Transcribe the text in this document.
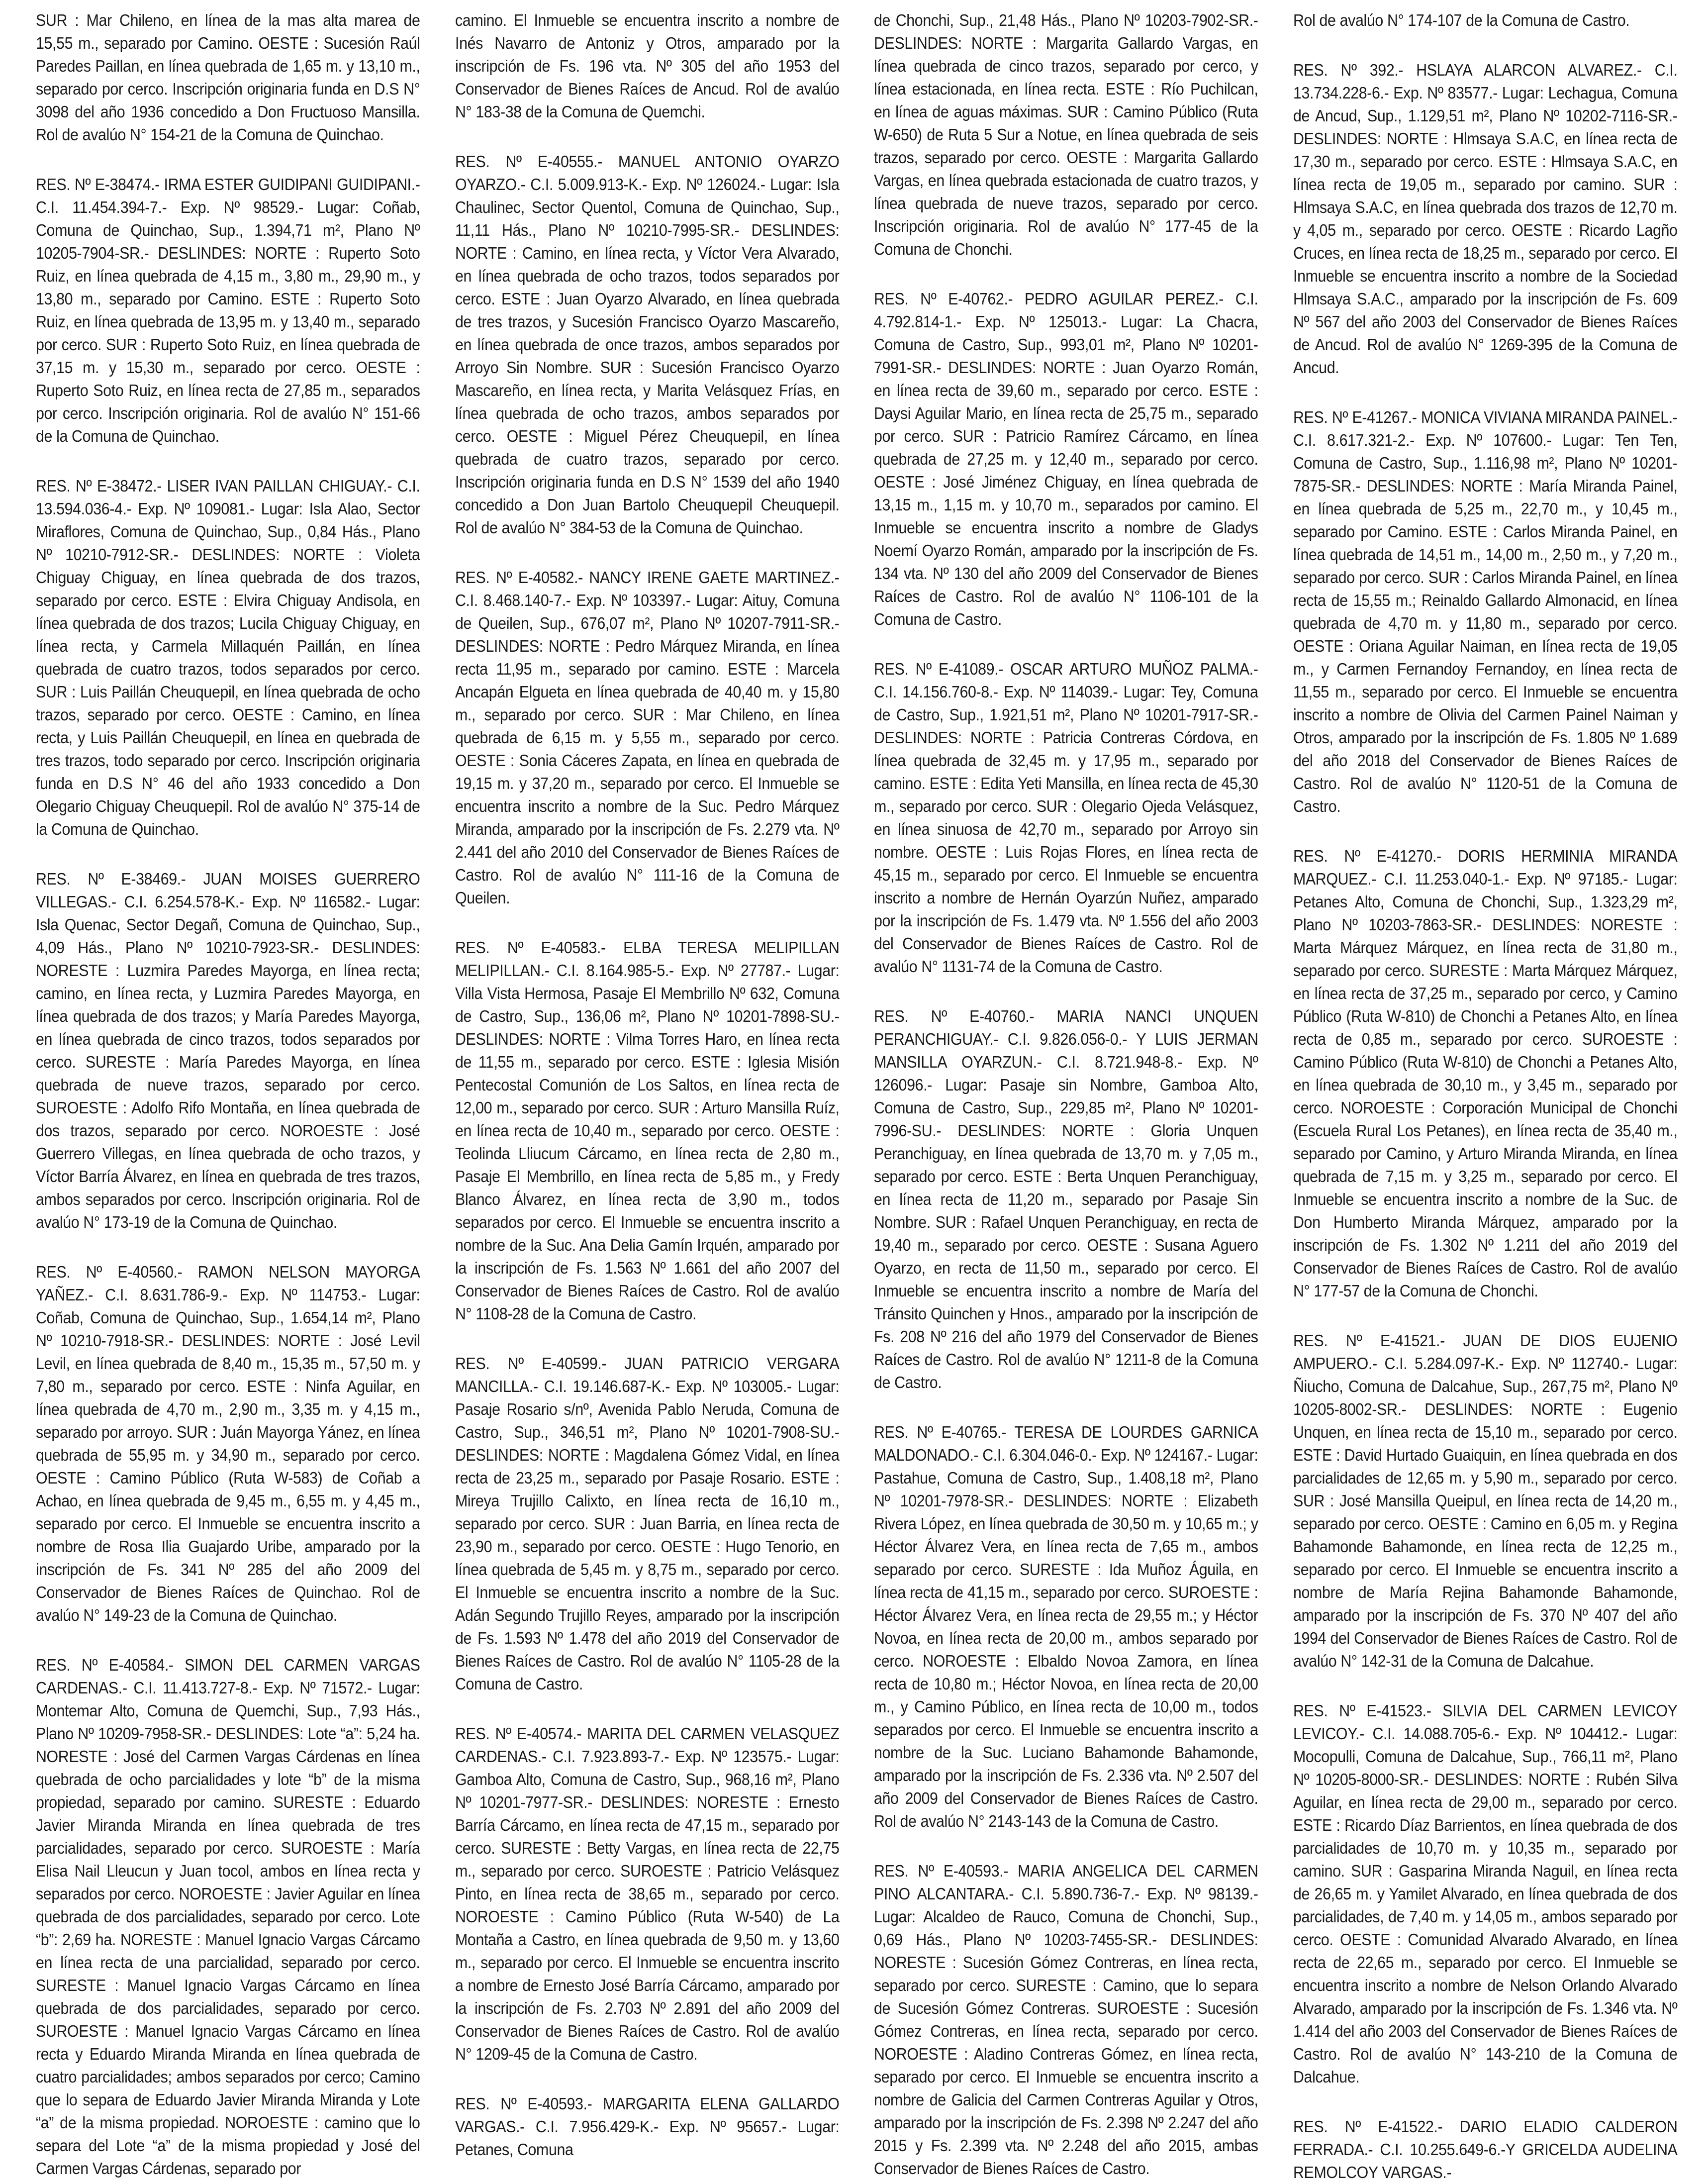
SUR : Mar Chileno, en línea de la mas alta marea de 15,55 m., separado por Camino. OESTE : Sucesión Raúl Paredes Paillan, en línea quebrada de 1,65 m. y 13,10 m., separado por cerco. Inscripción originaria funda en D.S N° 3098 del año 1936 concedido a Don Fructuoso Mansilla. Rol de avalúo N° 154-21 de la Comuna de Quinchao.

RES. Nº E-38474.- IRMA ESTER GUIDIPANI GUIDIPANI.- C.I. 11.454.394-7.- Exp. Nº 98529.- Lugar: Coñab, Comuna de Quinchao, Sup., 1.394,71 m², Plano Nº 10205-7904-SR.- DESLINDES: NORTE : Ruperto Soto Ruiz, en línea quebrada de 4,15 m., 3,80 m., 29,90 m., y 13,80 m., separado por Camino. ESTE : Ruperto Soto Ruiz, en línea quebrada de 13,95 m. y 13,40 m., separado por cerco. SUR : Ruperto Soto Ruiz, en línea quebrada de 37,15 m. y 15,30 m., separado por cerco. OESTE : Ruperto Soto Ruiz, en línea recta de 27,85 m., separados por cerco. Inscripción originaria. Rol de avalúo N° 151-66 de la Comuna de Quinchao.

RES. Nº E-38472.- LISER IVAN PAILLAN CHIGUAY.- C.I. 13.594.036-4.- Exp. Nº 109081.- Lugar: Isla Alao, Sector Miraflores, Comuna de Quinchao, Sup., 0,84 Hás., Plano Nº 10210-7912-SR.- DESLINDES: NORTE : Violeta Chiguay Chiguay, en línea quebrada de dos trazos, separado por cerco. ESTE : Elvira Chiguay Andisola, en línea quebrada de dos trazos; Lucila Chiguay Chiguay, en línea recta, y Carmela Millaquén Paillán, en línea quebrada de cuatro trazos, todos separados por cerco. SUR : Luis Paillán Cheuquepil, en línea quebrada de ocho trazos, separado por cerco. OESTE : Camino, en línea recta, y Luis Paillán Cheuquepil, en línea en quebrada de tres trazos, todo separado por cerco. Inscripción originaria funda en D.S N° 46 del año 1933 concedido a Don Olegario Chiguay Cheuquepil. Rol de avalúo N° 375-14 de la Comuna de Quinchao.

RES. Nº E-38469.- JUAN MOISES GUERRERO VILLEGAS.- C.I. 6.254.578-K.- Exp. Nº 116582.- Lugar: Isla Quenac, Sector Degañ, Comuna de Quinchao, Sup., 4,09 Hás., Plano Nº 10210-7923-SR.- DESLINDES: NORESTE : Luzmira Paredes Mayorga, en línea recta; camino, en línea recta, y Luzmira Paredes Mayorga, en línea quebrada de dos trazos; y María Paredes Mayorga, en línea quebrada de cinco trazos, todos separados por cerco. SURESTE : María Paredes Mayorga, en línea quebrada de nueve trazos, separado por cerco. SUROESTE : Adolfo Rifo Montaña, en línea quebrada de dos trazos, separado por cerco. NOROESTE : José Guerrero Villegas, en línea quebrada de ocho trazos, y Víctor Barría Álvarez, en línea en quebrada de tres trazos, ambos separados por cerco. Inscripción originaria. Rol de avalúo N° 173-19 de la Comuna de Quinchao.

RES. Nº E-40560.- RAMON NELSON MAYORGA YAÑEZ.- C.I. 8.631.786-9.- Exp. Nº 114753.- Lugar: Coñab, Comuna de Quinchao, Sup., 1.654,14 m², Plano Nº 10210-7918-SR.- DESLINDES: NORTE : José Levil Levil, en línea quebrada de 8,40 m., 15,35 m., 57,50 m. y 7,80 m., separado por cerco. ESTE : Ninfa Aguilar, en línea quebrada de 4,70 m., 2,90 m., 3,35 m. y 4,15 m., separado por arroyo. SUR : Juán Mayorga Yánez, en línea quebrada de 55,95 m. y 34,90 m., separado por cerco. OESTE : Camino Público (Ruta W-583) de Coñab a Achao, en línea quebrada de 9,45 m., 6,55 m. y 4,45 m., separado por cerco. El Inmueble se encuentra inscrito a nombre de Rosa Ilia Guajardo Uribe, amparado por la inscripción de Fs. 341 Nº 285 del año 2009 del Conservador de Bienes Raíces de Quinchao. Rol de avalúo N° 149-23 de la Comuna de Quinchao.

RES. Nº E-40584.- SIMON DEL CARMEN VARGAS CARDENAS.- C.I. 11.413.727-8.- Exp. Nº 71572.- Lugar: Montemar Alto, Comuna de Quemchi, Sup., 7,93 Hás., Plano Nº 10209-7958-SR.- DESLINDES: Lote “a”: 5,24 ha. NORESTE : José del Carmen Vargas Cárdenas en línea quebrada de ocho parcialidades y lote “b” de la misma propiedad, separado por camino. SURESTE : Eduardo Javier Miranda Miranda en línea quebrada de tres parcialidades, separado por cerco. SUROESTE : María Elisa Nail Lleucun y Juan tocol, ambos en línea recta y separados por cerco. NOROESTE : Javier Aguilar en línea quebrada de dos parcialidades, separado por cerco. Lote “b”: 2,69 ha. NORESTE : Manuel Ignacio Vargas Cárcamo en línea recta de una parcialidad, separado por cerco. SURESTE : Manuel Ignacio Vargas Cárcamo en línea quebrada de dos parcialidades, separado por cerco. SUROESTE : Manuel Ignacio Vargas Cárcamo en línea recta y Eduardo Miranda Miranda en línea quebrada de cuatro parcialidades; ambos separados por cerco; Camino que lo separa de Eduardo Javier Miranda Miranda y Lote “a” de la misma propiedad. NOROESTE : camino que lo separa del Lote “a” de la misma propiedad y José del Carmen Vargas Cárdenas, separado por

camino. El Inmueble se encuentra inscrito a nombre de Inés Navarro de Antoniz y Otros, amparado por la inscripción de Fs. 196 vta. Nº 305 del año 1953 del Conservador de Bienes Raíces de Ancud. Rol de avalúo N° 183-38 de la Comuna de Quemchi.

RES. Nº E-40555.- MANUEL ANTONIO OYARZO OYARZO.- C.I. 5.009.913-K.- Exp. Nº 126024.- Lugar: Isla Chaulinec, Sector Quentol, Comuna de Quinchao, Sup., 11,11 Hás., Plano Nº 10210-7995-SR.- DESLINDES: NORTE : Camino, en línea recta, y Víctor Vera Alvarado, en línea quebrada de ocho trazos, todos separados por cerco. ESTE : Juan Oyarzo Alvarado, en línea quebrada de tres trazos, y Sucesión Francisco Oyarzo Mascareño, en línea quebrada de once trazos, ambos separados por Arroyo Sin Nombre. SUR : Sucesión Francisco Oyarzo Mascareño, en línea recta, y Marita Velásquez Frías, en línea quebrada de ocho trazos, ambos separados por cerco. OESTE : Miguel Pérez Cheuquepil, en línea quebrada de cuatro trazos, separado por cerco. Inscripción originaria funda en D.S N° 1539 del año 1940 concedido a Don Juan Bartolo Cheuquepil Cheuquepil. Rol de avalúo N° 384-53 de la Comuna de Quinchao.

RES. Nº E-40582.- NANCY IRENE GAETE MARTINEZ.- C.I. 8.468.140-7.- Exp. Nº 103397.- Lugar: Aituy, Comuna de Queilen, Sup., 676,07 m², Plano Nº 10207-7911-SR.- DESLINDES: NORTE : Pedro Márquez Miranda, en línea recta 11,95 m., separado por camino. ESTE : Marcela Ancapán Elgueta en línea quebrada de 40,40 m. y 15,80 m., separado por cerco. SUR : Mar Chileno, en línea quebrada de 6,15 m. y 5,55 m., separado por cerco. OESTE : Sonia Cáceres Zapata, en línea en quebrada de 19,15 m. y 37,20 m., separado por cerco. El Inmueble se encuentra inscrito a nombre de la Suc. Pedro Márquez Miranda, amparado por la inscripción de Fs. 2.279 vta. Nº 2.441 del año 2010 del Conservador de Bienes Raíces de Castro. Rol de avalúo N° 111-16 de la Comuna de Queilen.

RES. Nº E-40583.- ELBA TERESA MELIPILLAN MELIPILLAN.- C.I. 8.164.985-5.- Exp. Nº 27787.- Lugar: Villa Vista Hermosa, Pasaje El Membrillo Nº 632, Comuna de Castro, Sup., 136,06 m², Plano Nº 10201-7898-SU.- DESLINDES: NORTE : Vilma Torres Haro, en línea recta de 11,55 m., separado por cerco. ESTE : Iglesia Misión Pentecostal Comunión de Los Saltos, en línea recta de 12,00 m., separado por cerco. SUR : Arturo Mansilla Ruíz, en línea recta de 10,40 m., separado por cerco. OESTE : Teolinda Lliucum Cárcamo, en línea recta de 2,80 m., Pasaje El Membrillo, en línea recta de 5,85 m., y Fredy Blanco Álvarez, en línea recta de 3,90 m., todos separados por cerco. El Inmueble se encuentra inscrito a nombre de la Suc. Ana Delia Gamín Irquén, amparado por la inscripción de Fs. 1.563 Nº 1.661 del año 2007 del Conservador de Bienes Raíces de Castro. Rol de avalúo N° 1108-28 de la Comuna de Castro.

RES. Nº E-40599.- JUAN PATRICIO VERGARA MANCILLA.- C.I. 19.146.687-K.- Exp. Nº 103005.- Lugar: Pasaje Rosario s/nº, Avenida Pablo Neruda, Comuna de Castro, Sup., 346,51 m², Plano Nº 10201-7908-SU.- DESLINDES: NORTE : Magdalena Gómez Vidal, en línea recta de 23,25 m., separado por Pasaje Rosario. ESTE : Mireya Trujillo Calixto, en línea recta de 16,10 m., separado por cerco. SUR : Juan Barria, en línea recta de 23,90 m., separado por cerco. OESTE : Hugo Tenorio, en línea quebrada de 5,45 m. y 8,75 m., separado por cerco. El Inmueble se encuentra inscrito a nombre de la Suc. Adán Segundo Trujillo Reyes, amparado por la inscripción de Fs. 1.593 Nº 1.478 del año 2019 del Conservador de Bienes Raíces de Castro. Rol de avalúo N° 1105-28 de la Comuna de Castro.

RES. Nº E-40574.- MARITA DEL CARMEN VELASQUEZ CARDENAS.- C.I. 7.923.893-7.- Exp. Nº 123575.- Lugar: Gamboa Alto, Comuna de Castro, Sup., 968,16 m², Plano Nº 10201-7977-SR.- DESLINDES: NORESTE : Ernesto Barría Cárcamo, en línea recta de 47,15 m., separado por cerco. SURESTE : Betty Vargas, en línea recta de 22,75 m., separado por cerco. SUROESTE : Patricio Velásquez Pinto, en línea recta de 38,65 m., separado por cerco. NOROESTE : Camino Público (Ruta W-540) de La Montaña a Castro, en línea quebrada de 9,50 m. y 13,60 m., separado por cerco. El Inmueble se encuentra inscrito a nombre de Ernesto José Barría Cárcamo, amparado por la inscripción de Fs. 2.703 Nº 2.891 del año 2009 del Conservador de Bienes Raíces de Castro. Rol de avalúo N° 1209-45 de la Comuna de Castro.

RES. Nº E-40593.- MARGARITA ELENA GALLARDO VARGAS.- C.I. 7.956.429-K.- Exp. Nº 95657.- Lugar: Petanes, Comuna

de Chonchi, Sup., 21,48 Hás., Plano Nº 10203-7902-SR.- DESLINDES: NORTE : Margarita Gallardo Vargas, en línea quebrada de cinco trazos, separado por cerco, y línea estacionada, en línea recta. ESTE : Río Puchilcan, en línea de aguas máximas. SUR : Camino Público (Ruta W-650) de Ruta 5 Sur a Notue, en línea quebrada de seis trazos, separado por cerco. OESTE : Margarita Gallardo Vargas, en línea quebrada estacionada de cuatro trazos, y línea quebrada de nueve trazos, separado por cerco. Inscripción originaria. Rol de avalúo N° 177-45 de la Comuna de Chonchi.

RES. Nº E-40762.- PEDRO AGUILAR PEREZ.- C.I. 4.792.814-1.- Exp. Nº 125013.- Lugar: La Chacra, Comuna de Castro, Sup., 993,01 m², Plano Nº 10201-7991-SR.- DESLINDES: NORTE : Juan Oyarzo Román, en línea recta de 39,60 m., separado por cerco. ESTE : Daysi Aguilar Mario, en línea recta de 25,75 m., separado por cerco. SUR : Patricio Ramírez Cárcamo, en línea quebrada de 27,25 m. y 12,40 m., separado por cerco. OESTE : José Jiménez Chiguay, en línea quebrada de 13,15 m., 1,15 m. y 10,70 m., separados por camino. El Inmueble se encuentra inscrito a nombre de Gladys Noemí Oyarzo Román, amparado por la inscripción de Fs. 134 vta. Nº 130 del año 2009 del Conservador de Bienes Raíces de Castro. Rol de avalúo N° 1106-101 de la Comuna de Castro.

RES. Nº E-41089.- OSCAR ARTURO MUÑOZ PALMA.- C.I. 14.156.760-8.- Exp. Nº 114039.- Lugar: Tey, Comuna de Castro, Sup., 1.921,51 m², Plano Nº 10201-7917-SR.- DESLINDES: NORTE : Patricia Contreras Córdova, en línea quebrada de 32,45 m. y 17,95 m., separado por camino. ESTE : Edita Yeti Mansilla, en línea recta de 45,30 m., separado por cerco. SUR : Olegario Ojeda Velásquez, en línea sinuosa de 42,70 m., separado por Arroyo sin nombre. OESTE : Luis Rojas Flores, en línea recta de 45,15 m., separado por cerco. El Inmueble se encuentra inscrito a nombre de Hernán Oyarzún Nuñez, amparado por la inscripción de Fs. 1.479 vta. Nº 1.556 del año 2003 del Conservador de Bienes Raíces de Castro. Rol de avalúo N° 1131-74 de la Comuna de Castro.

RES. Nº E-40760.- MARIA NANCI UNQUEN PERANCHIGUAY.- C.I. 9.826.056-0.- Y LUIS JERMAN MANSILLA OYARZUN.- C.I. 8.721.948-8.- Exp. Nº 126096.- Lugar: Pasaje sin Nombre, Gamboa Alto, Comuna de Castro, Sup., 229,85 m², Plano Nº 10201-7996-SU.- DESLINDES: NORTE : Gloria Unquen Peranchiguay, en línea quebrada de 13,70 m. y 7,05 m., separado por cerco. ESTE : Berta Unquen Peranchiguay, en línea recta de 11,20 m., separado por Pasaje Sin Nombre. SUR : Rafael Unquen Peranchiguay, en recta de 19,40 m., separado por cerco. OESTE : Susana Aguero Oyarzo, en recta de 11,50 m., separado por cerco. El Inmueble se encuentra inscrito a nombre de María del Tránsito Quinchen y Hnos., amparado por la inscripción de Fs. 208 Nº 216 del año 1979 del Conservador de Bienes Raíces de Castro. Rol de avalúo N° 1211-8 de la Comuna de Castro.

RES. Nº E-40765.- TERESA DE LOURDES GARNICA MALDONADO.- C.I. 6.304.046-0.- Exp. Nº 124167.- Lugar: Pastahue, Comuna de Castro, Sup., 1.408,18 m², Plano Nº 10201-7978-SR.- DESLINDES: NORTE : Elizabeth Rivera López, en línea quebrada de 30,50 m. y 10,65 m.; y Héctor Álvarez Vera, en línea recta de 7,65 m., ambos separado por cerco. SURESTE : Ida Muñoz Águila, en línea recta de 41,15 m., separado por cerco. SUROESTE : Héctor Álvarez Vera, en línea recta de 29,55 m.; y Héctor Novoa, en línea recta de 20,00 m., ambos separado por cerco. NOROESTE : Elbaldo Novoa Zamora, en línea recta de 10,80 m.; Héctor Novoa, en línea recta de 20,00 m., y Camino Público, en línea recta de 10,00 m., todos separados por cerco. El Inmueble se encuentra inscrito a nombre de la Suc. Luciano Bahamonde Bahamonde, amparado por la inscripción de Fs. 2.336 vta. Nº 2.507 del año 2009 del Conservador de Bienes Raíces de Castro. Rol de avalúo N° 2143-143 de la Comuna de Castro.

RES. Nº E-40593.- MARIA ANGELICA DEL CARMEN PINO ALCANTARA.- C.I. 5.890.736-7.- Exp. Nº 98139.- Lugar: Alcaldeo de Rauco, Comuna de Chonchi, Sup., 0,69 Hás., Plano Nº 10203-7455-SR.- DESLINDES: NORESTE : Sucesión Gómez Contreras, en línea recta, separado por cerco. SURESTE : Camino, que lo separa de Sucesión Gómez Contreras. SUROESTE : Sucesión Gómez Contreras, en línea recta, separado por cerco. NOROESTE : Aladino Contreras Gómez, en línea recta, separado por cerco. El Inmueble se encuentra inscrito a nombre de Galicia del Carmen Contreras Aguilar y Otros, amparado por la inscripción de Fs. 2.398 Nº 2.247 del año 2015 y Fs. 2.399 vta. Nº 2.248 del año 2015, ambas Conservador de Bienes Raíces de Castro.

Rol de avalúo N° 174-107 de la Comuna de Castro.

RES. Nº 392.- HSLAYA ALARCON ALVAREZ.- C.I. 13.734.228-6.- Exp. Nº 83577.- Lugar: Lechagua, Comuna de Ancud, Sup., 1.129,51 m², Plano Nº 10202-7116-SR.- DESLINDES: NORTE : Hlmsaya S.A.C, en línea recta de 17,30 m., separado por cerco. ESTE : Hlmsaya S.A.C, en línea recta de 19,05 m., separado por camino. SUR : Hlmsaya S.A.C, en línea quebrada dos trazos de 12,70 m. y 4,05 m., separado por cerco. OESTE : Ricardo Lagño Cruces, en línea recta de 18,25 m., separado por cerco. El Inmueble se encuentra inscrito a nombre de la Sociedad Hlmsaya S.A.C., amparado por la inscripción de Fs. 609 Nº 567 del año 2003 del Conservador de Bienes Raíces de Ancud. Rol de avalúo N° 1269-395 de la Comuna de Ancud.

RES. Nº E-41267.- MONICA VIVIANA MIRANDA PAINEL.- C.I. 8.617.321-2.- Exp. Nº 107600.- Lugar: Ten Ten, Comuna de Castro, Sup., 1.116,98 m², Plano Nº 10201-7875-SR.- DESLINDES: NORTE : María Miranda Painel, en línea quebrada de 5,25 m., 22,70 m., y 10,45 m., separado por Camino. ESTE : Carlos Miranda Painel, en línea quebrada de 14,51 m., 14,00 m., 2,50 m., y 7,20 m., separado por cerco. SUR : Carlos Miranda Painel, en línea recta de 15,55 m.; Reinaldo Gallardo Almonacid, en línea quebrada de 4,70 m. y 11,80 m., separado por cerco. OESTE : Oriana Aguilar Naiman, en línea recta de 19,05 m., y Carmen Fernandoy Fernandoy, en línea recta de 11,55 m., separado por cerco. El Inmueble se encuentra inscrito a nombre de Olivia del Carmen Painel Naiman y Otros, amparado por la inscripción de Fs. 1.805 Nº 1.689 del año 2018 del Conservador de Bienes Raíces de Castro. Rol de avalúo N° 1120-51 de la Comuna de Castro.

RES. Nº E-41270.- DORIS HERMINIA MIRANDA MARQUEZ.- C.I. 11.253.040-1.- Exp. Nº 97185.- Lugar: Petanes Alto, Comuna de Chonchi, Sup., 1.323,29 m², Plano Nº 10203-7863-SR.- DESLINDES: NORESTE : Marta Márquez Márquez, en línea recta de 31,80 m., separado por cerco. SURESTE : Marta Márquez Márquez, en línea recta de 37,25 m., separado por cerco, y Camino Público (Ruta W-810) de Chonchi a Petanes Alto, en línea recta de 0,85 m., separado por cerco. SUROESTE : Camino Público (Ruta W-810) de Chonchi a Petanes Alto, en línea quebrada de 30,10 m., y 3,45 m., separado por cerco. NOROESTE : Corporación Municipal de Chonchi (Escuela Rural Los Petanes), en línea recta de 35,40 m., separado por Camino, y Arturo Miranda Miranda, en línea quebrada de 7,15 m. y 3,25 m., separado por cerco. El Inmueble se encuentra inscrito a nombre de la Suc. de Don Humberto Miranda Márquez, amparado por la inscripción de Fs. 1.302 Nº 1.211 del año 2019 del Conservador de Bienes Raíces de Castro. Rol de avalúo N° 177-57 de la Comuna de Chonchi.

RES. Nº E-41521.- JUAN DE DIOS EUJENIO AMPUERO.- C.I. 5.284.097-K.- Exp. Nº 112740.- Lugar: Ñiucho, Comuna de Dalcahue, Sup., 267,75 m², Plano Nº 10205-8002-SR.- DESLINDES: NORTE : Eugenio Unquen, en línea recta de 15,10 m., separado por cerco. ESTE : David Hurtado Guaiquin, en línea quebrada en dos parcialidades de 12,65 m. y 5,90 m., separado por cerco. SUR : José Mansilla Queipul, en línea recta de 14,20 m., separado por cerco. OESTE : Camino en 6,05 m. y Regina Bahamonde Bahamonde, en línea recta de 12,25 m., separado por cerco. El Inmueble se encuentra inscrito a nombre de María Rejina Bahamonde Bahamonde, amparado por la inscripción de Fs. 370 Nº 407 del año 1994 del Conservador de Bienes Raíces de Castro. Rol de avalúo N° 142-31 de la Comuna de Dalcahue.

RES. Nº E-41523.- SILVIA DEL CARMEN LEVICOY LEVICOY.- C.I. 14.088.705-6.- Exp. Nº 104412.- Lugar: Mocopulli, Comuna de Dalcahue, Sup., 766,11 m², Plano Nº 10205-8000-SR.- DESLINDES: NORTE : Rubén Silva Aguilar, en línea recta de 29,00 m., separado por cerco. ESTE : Ricardo Díaz Barrientos, en línea quebrada de dos parcialidades de 10,70 m. y 10,35 m., separado por camino. SUR : Gasparina Miranda Naguil, en línea recta de 26,65 m. y Yamilet Alvarado, en línea quebrada de dos parcialidades, de 7,40 m. y 14,05 m., ambos separado por cerco. OESTE : Comunidad Alvarado Alvarado, en línea recta de 22,65 m., separado por cerco. El Inmueble se encuentra inscrito a nombre de Nelson Orlando Alvarado Alvarado, amparado por la inscripción de Fs. 1.346 vta. Nº 1.414 del año 2003 del Conservador de Bienes Raíces de Castro. Rol de avalúo N° 143-210 de la Comuna de Dalcahue.

RES. Nº E-41522.- DARIO ELADIO CALDERON FERRADA.- C.I. 10.255.649-6.-Y GRICELDA AUDELINA REMOLCOY VARGAS.-
